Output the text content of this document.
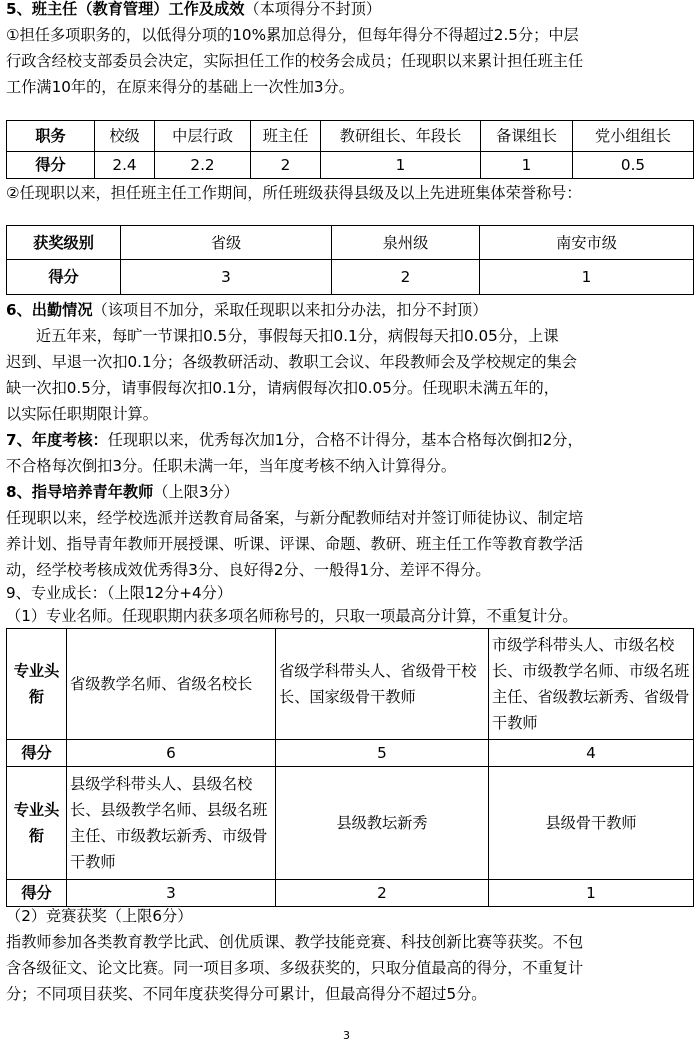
5、班主任（教育管理）工作及成效（本项得分不封顶）
①担任多项职务的，以低得分项的10%累加总得分，但每年得分不得超过2.5分；中层
行政含经校支部委员会决定，实际担任工作的校务会成员；任现职以来累计担任班主任
工作满10年的，在原来得分的基础上一次性加3分。
职务	校级	中层行政	班主任	教研组长、年段长	备课组长	党小组组长
得分	2.4	2.2	2	1	1	0.5
②任现职以来，担任班主任工作期间，所任班级获得县级及以上先进班集体荣誉称号：
获奖级别	省级	泉州级	南安市级
得分	3	2	1
6、出勤情况（该项目不加分，采取任现职以来扣分办法，扣分不封顶）
近五年来，每旷一节课扣0.5分，事假每天扣0.1分，病假每天扣0.05分，上课
迟到、早退一次扣0.1分；各级教研活动、教职工会议、年段教师会及学校规定的集会
缺一次扣0.5分，请事假每次扣0.1分，请病假每次扣0.05分。任现职未满五年的，
以实际任职期限计算。
7、年度考核：任现职以来，优秀每次加1分，合格不计得分，基本合格每次倒扣2分，
不合格每次倒扣3分。任职未满一年，当年度考核不纳入计算得分。
8、指导培养青年教师（上限3分）
任现职以来，经学校选派并送教育局备案，与新分配教师结对并签订师徒协议、制定培
养计划、指导青年教师开展授课、听课、评课、命题、教研、班主任工作等教育教学活
动，经学校考核成效优秀得3分、良好得2分、一般得1分、差评不得分。
9、专业成长：（上限12分+4分）
（1）专业名师。任现职期内获多项名师称号的，只取一项最高分计算，不重复计分。
专业头衔	省级教学名师、省级名校长	省级学科带头人、省级骨干校长、国家级骨干教师	市级学科带头人、市级名校长、市级教学名师、市级名班主任、省级教坛新秀、省级骨干教师
得分	6	5	4
专业头衔	县级学科带头人、县级名校长、县级教学名师、县级名班主任、市级教坛新秀、市级骨干教师	县级教坛新秀	县级骨干教师
得分	3	2	1
（2）竞赛获奖（上限6分）
指教师参加各类教育教学比武、创优质课、教学技能竞赛、科技创新比赛等获奖。不包
含各级征文、论文比赛。同一项目多项、多级获奖的，只取分值最高的得分，不重复计
分；不同项目获奖、不同年度获奖得分可累计，但最高得分不超过5分。
3
